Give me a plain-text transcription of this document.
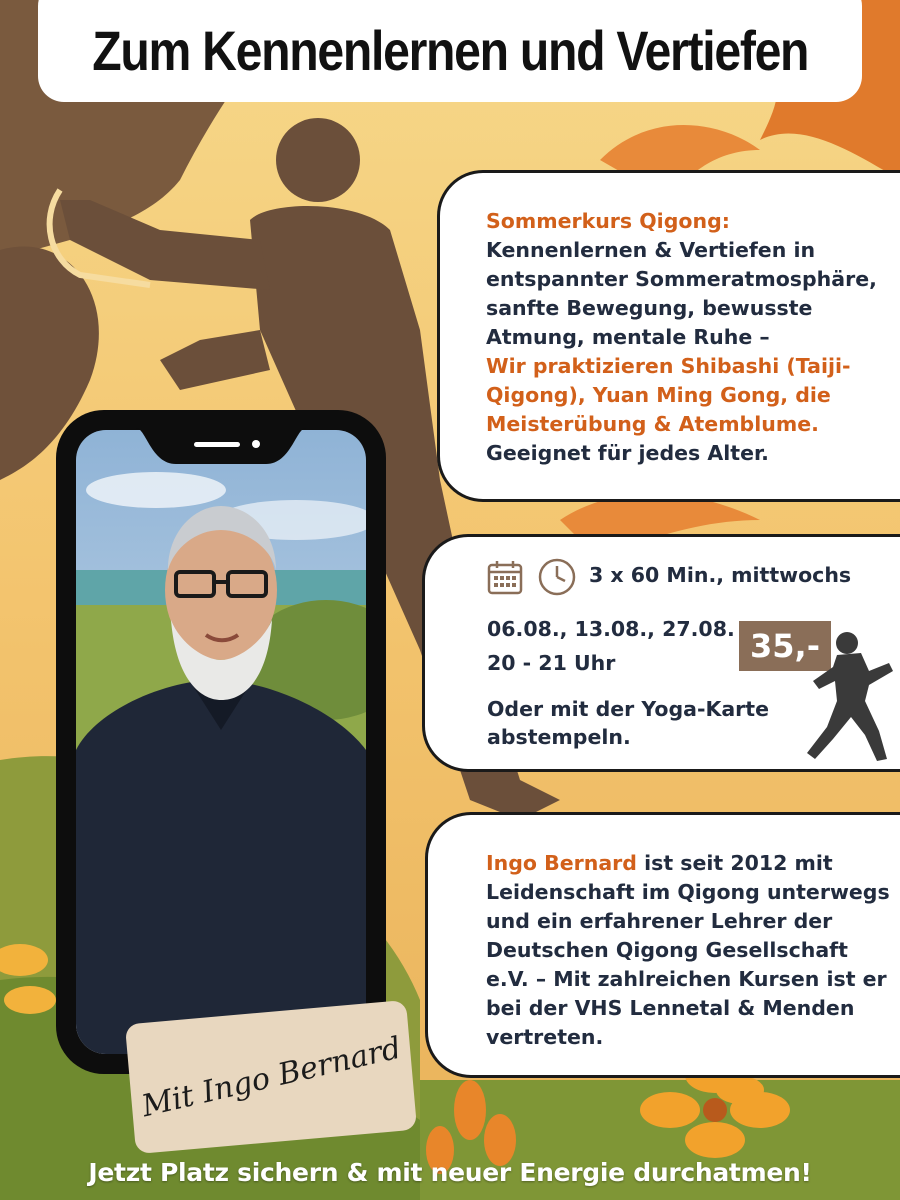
Zum Kennenlernen und Vertiefen
Mit Ingo Bernard

Sommerkurs Qigong:
Kennenlernen & Vertiefen in entspannter Sommeratmosphäre, sanfte Bewegung, bewusste Atmung, mentale Ruhe –
Wir praktizieren Shibashi (Taiji-Qigong), Yuan Ming Gong, die Meisterübung & Atemblume.
Geeignet für jedes Alter.

3 x 60 Min., mittwochs
06.08., 13.08., 27.08.
20 - 21 Uhr	35,-
Oder mit der Yoga-Karte abstempeln.

Ingo Bernard ist seit 2012 mit Leidenschaft im Qigong unterwegs und ein erfahrener Lehrer der Deutschen Qigong Gesellschaft e.V. – Mit zahlreichen Kursen ist er bei der VHS Lennetal & Menden vertreten.

Jetzt Platz sichern & mit neuer Energie durchatmen!
